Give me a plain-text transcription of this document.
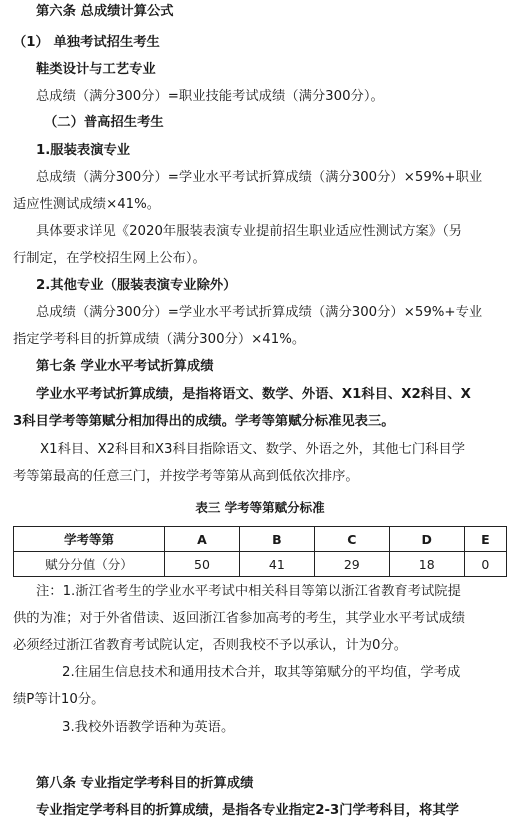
第六条 总成绩计算公式
（1） 单独考试招生考生
鞋类设计与工艺专业
总成绩（满分300分）=职业技能考试成绩（满分300分）。
（二）普高招生考生
1.服装表演专业
总成绩（满分300分）=学业水平考试折算成绩（满分300分）×59%+职业
适应性测试成绩×41%。
具体要求详见《2020年服装表演专业提前招生职业适应性测试方案》（另
行制定，在学校招生网上公布）。
2.其他专业（服装表演专业除外）
总成绩（满分300分）=学业水平考试折算成绩（满分300分）×59%+专业
指定学考科目的折算成绩（满分300分）×41%。
第七条 学业水平考试折算成绩
学业水平考试折算成绩，是指将语文、数学、外语、X1科目、X2科目、X
3科目学考等第赋分相加得出的成绩。学考等第赋分标准见表三。
X1科目、X2科目和X3科目指除语文、数学、外语之外，其他七门科目学
考等第最高的任意三门，并按学考等第从高到低依次排序。
表三 学考等第赋分标准
学考等第	A	B	C	D	E
赋分分值（分）	50	41	29	18	0
注：1.浙江省考生的学业水平考试中相关科目等第以浙江省教育考试院提
供的为准；对于外省借读、返回浙江省参加高考的考生，其学业水平考试成绩
必须经过浙江省教育考试院认定，否则我校不予以承认，计为0分。
2.往届生信息技术和通用技术合并，取其等第赋分的平均值，学考成
绩P等计10分。
3.我校外语教学语种为英语。
第八条 专业指定学考科目的折算成绩
专业指定学考科目的折算成绩，是指各专业指定2-3门学考科目，将其学
